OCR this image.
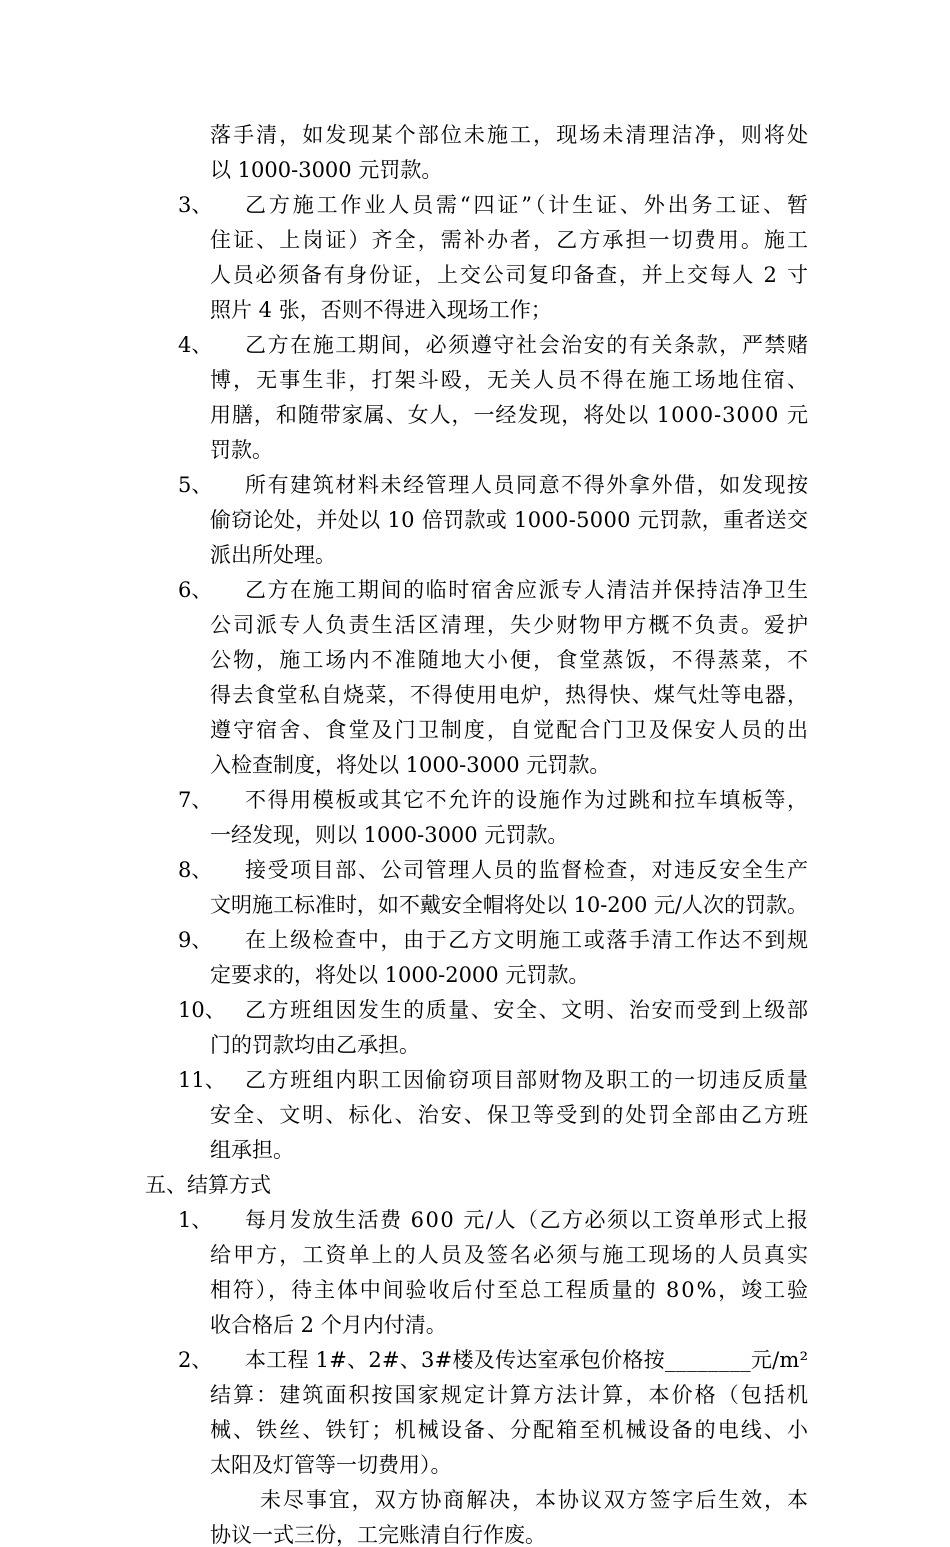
落手清，如发现某个部位未施工，现场未清理洁净，则将处

以 1000-3000 元罚款。

3、 乙方施工作业人员需“四证”（计生证、外出务工证、暂

住证、上岗证）齐全，需补办者，乙方承担一切费用。施工

人员必须备有身份证，上交公司复印备查，并上交每人 2 寸

照片 4 张，否则不得进入现场工作；

4、 乙方在施工期间，必须遵守社会治安的有关条款，严禁赌

博，无事生非，打架斗殴，无关人员不得在施工场地住宿、

用膳，和随带家属、女人，一经发现，将处以 1000-3000 元

罚款。

5、 所有建筑材料未经管理人员同意不得外拿外借，如发现按

偷窃论处，并处以 10 倍罚款或 1000-5000 元罚款，重者送交

派出所处理。

6、 乙方在施工期间的临时宿舍应派专人清洁并保持洁净卫生

公司派专人负责生活区清理，失少财物甲方概不负责。爱护

公物，施工场内不准随地大小便，食堂蒸饭，不得蒸菜，不

得去食堂私自烧菜，不得使用电炉，热得快、煤气灶等电器，

遵守宿舍、食堂及门卫制度，自觉配合门卫及保安人员的出

入检查制度，将处以 1000-3000 元罚款。

7、 不得用模板或其它不允许的设施作为过跳和拉车填板等，

一经发现，则以 1000-3000 元罚款。

8、 接受项目部、公司管理人员的监督检查，对违反安全生产

文明施工标准时，如不戴安全帽将处以 10-200 元/人次的罚款。

9、 在上级检查中，由于乙方文明施工或落手清工作达不到规

定要求的，将处以 1000-2000 元罚款。

10、 乙方班组因发生的质量、安全、文明、治安而受到上级部

门的罚款均由乙承担。

11、 乙方班组内职工因偷窃项目部财物及职工的一切违反质量

安全、文明、标化、治安、保卫等受到的处罚全部由乙方班

组承担。

五、结算方式

1、 每月发放生活费 600 元/人（乙方必须以工资单形式上报

给甲方，工资单上的人员及签名必须与施工现场的人员真实

相符），待主体中间验收后付至总工程质量的 80%，竣工验

收合格后 2 个月内付清。

2、 本工程 1#、2#、3#楼及传达室承包价格按________元/m²

结算：建筑面积按国家规定计算方法计算，本价格（包括机

械、铁丝、铁钉；机械设备、分配箱至机械设备的电线、小

太阳及灯管等一切费用）。

未尽事宜，双方协商解决，本协议双方签字后生效，本

协议一式三份，工完账清自行作废。
